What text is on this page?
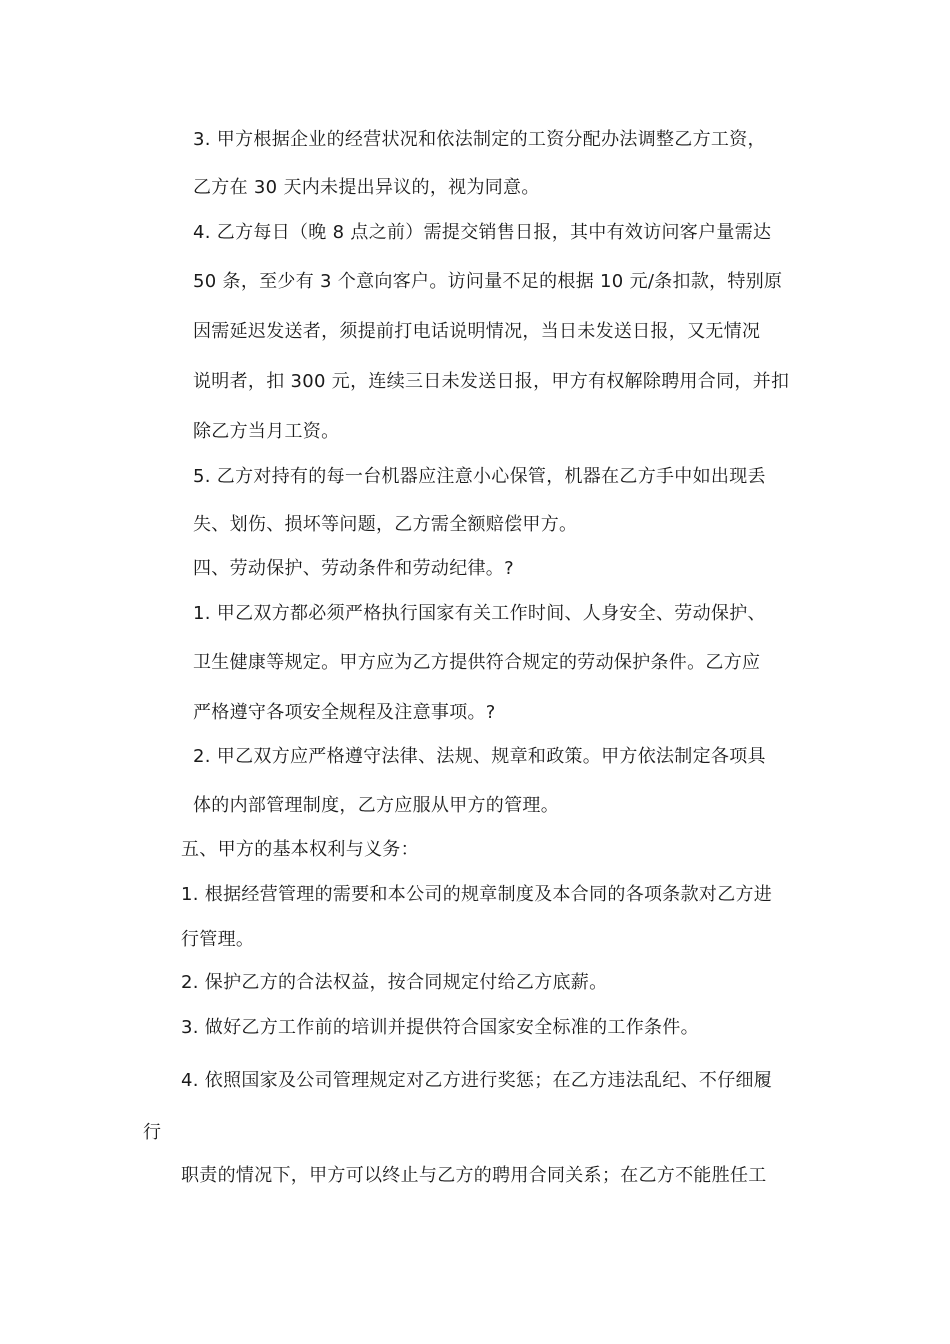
3. 甲方根据企业的经营状况和依法制定的工资分配办法调整乙方工资，
乙方在 30 天内未提出异议的，视为同意。
4. 乙方每日（晚 8 点之前）需提交销售日报，其中有效访问客户量需达
50 条，至少有 3 个意向客户。访问量不足的根据 10 元/条扣款，特别原
因需延迟发送者，须提前打电话说明情况，当日未发送日报，又无情况
说明者，扣 300 元，连续三日未发送日报，甲方有权解除聘用合同，并扣
除乙方当月工资。
5. 乙方对持有的每一台机器应注意小心保管，机器在乙方手中如出现丢
失、划伤、损坏等问题，乙方需全额赔偿甲方。
四、劳动保护、劳动条件和劳动纪律。?
1. 甲乙双方都必须严格执行国家有关工作时间、人身安全、劳动保护、
卫生健康等规定。甲方应为乙方提供符合规定的劳动保护条件。乙方应
严格遵守各项安全规程及注意事项。?
2. 甲乙双方应严格遵守法律、法规、规章和政策。甲方依法制定各项具
体的内部管理制度，乙方应服从甲方的管理。
五、甲方的基本权利与义务：
1. 根据经营管理的需要和本公司的规章制度及本合同的各项条款对乙方进
行管理。
2. 保护乙方的合法权益，按合同规定付给乙方底薪。
3. 做好乙方工作前的培训并提供符合国家安全标准的工作条件。
4. 依照国家及公司管理规定对乙方进行奖惩；在乙方违法乱纪、不仔细履
行
职责的情况下，甲方可以终止与乙方的聘用合同关系；在乙方不能胜任工
